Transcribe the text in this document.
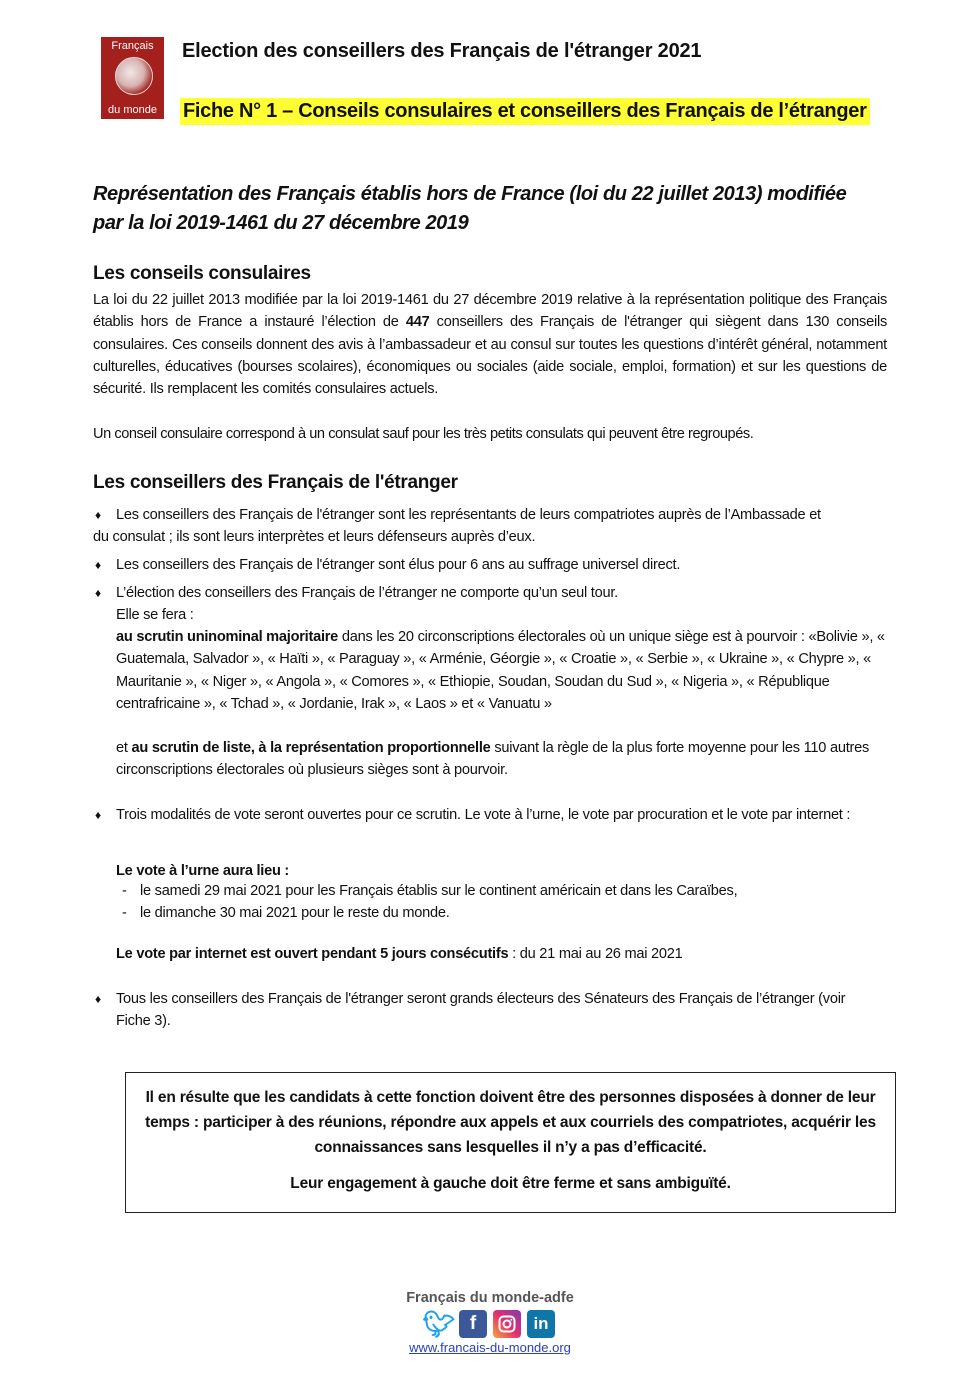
Français
du monde
Election des conseillers des Français de l'étranger 2021
Fiche N° 1 – Conseils consulaires et conseillers des Français de l’étranger
Représentation des Français établis hors de France (loi du 22 juillet 2013) modifiée
par la loi 2019-1461 du 27 décembre 2019
Les conseils consulaires
La loi du 22 juillet 2013 modifiée par la loi 2019-1461 du 27 décembre 2019 relative à la représentation politique des Français établis hors de France a instauré l’élection de 447 conseillers des Français de l'étranger qui siègent dans 130 conseils consulaires. Ces conseils donnent des avis à l’ambassadeur et au consul sur toutes les questions d’intérêt général, notamment culturelles, éducatives (bourses scolaires), économiques ou sociales (aide sociale, emploi, formation) et sur les questions de sécurité. Ils remplacent les comités consulaires actuels.
Un conseil consulaire correspond à un consulat sauf pour les très petits consulats qui peuvent être regroupés.
Les conseillers des Français de l'étranger
♦	Les conseillers des Français de l'étranger sont les représentants de leurs compatriotes auprès de l’Ambassade et du consulat ; ils sont leurs interprètes et leurs défenseurs auprès d’eux.
♦	Les conseillers des Français de l'étranger sont élus pour 6 ans au suffrage universel direct.
♦	L’élection des conseillers des Français de l’étranger ne comporte qu’un seul tour.
Elle se fera :
au scrutin uninominal majoritaire dans les 20 circonscriptions électorales où un unique siège est à pourvoir : «Bolivie », « Guatemala, Salvador », « Haïti », « Paraguay », « Arménie, Géorgie », « Croatie », « Serbie », « Ukraine », « Chypre », « Mauritanie », « Niger », « Angola », « Comores », « Ethiopie, Soudan, Soudan du Sud », « Nigeria », « République centrafricaine », « Tchad », « Jordanie, Irak », « Laos » et « Vanuatu »
et au scrutin de liste, à la représentation proportionnelle suivant la règle de la plus forte moyenne pour les 110 autres circonscriptions électorales où plusieurs sièges sont à pourvoir.
♦	Trois modalités de vote seront ouvertes pour ce scrutin. Le vote à l’urne, le vote par procuration et le vote par internet :
Le vote à l’urne aura lieu :
- le samedi 29 mai 2021 pour les Français établis sur le continent américain et dans les Caraïbes,
- le dimanche 30 mai 2021 pour le reste du monde.
Le vote par internet est ouvert pendant 5 jours consécutifs : du 21 mai au 26 mai 2021
♦	Tous les conseillers des Français de l'étranger seront grands électeurs des Sénateurs des Français de l’étranger (voir Fiche 3).
Il en résulte que les candidats à cette fonction doivent être des personnes disposées à donner de leur temps : participer à des réunions, répondre aux appels et aux courriels des compatriotes, acquérir les connaissances sans lesquelles il n’y a pas d’efficacité.
Leur engagement à gauche doit être ferme et sans ambiguïté.
Français du monde-adfe
🐦︎ f	in
www.francais-du-monde.org
